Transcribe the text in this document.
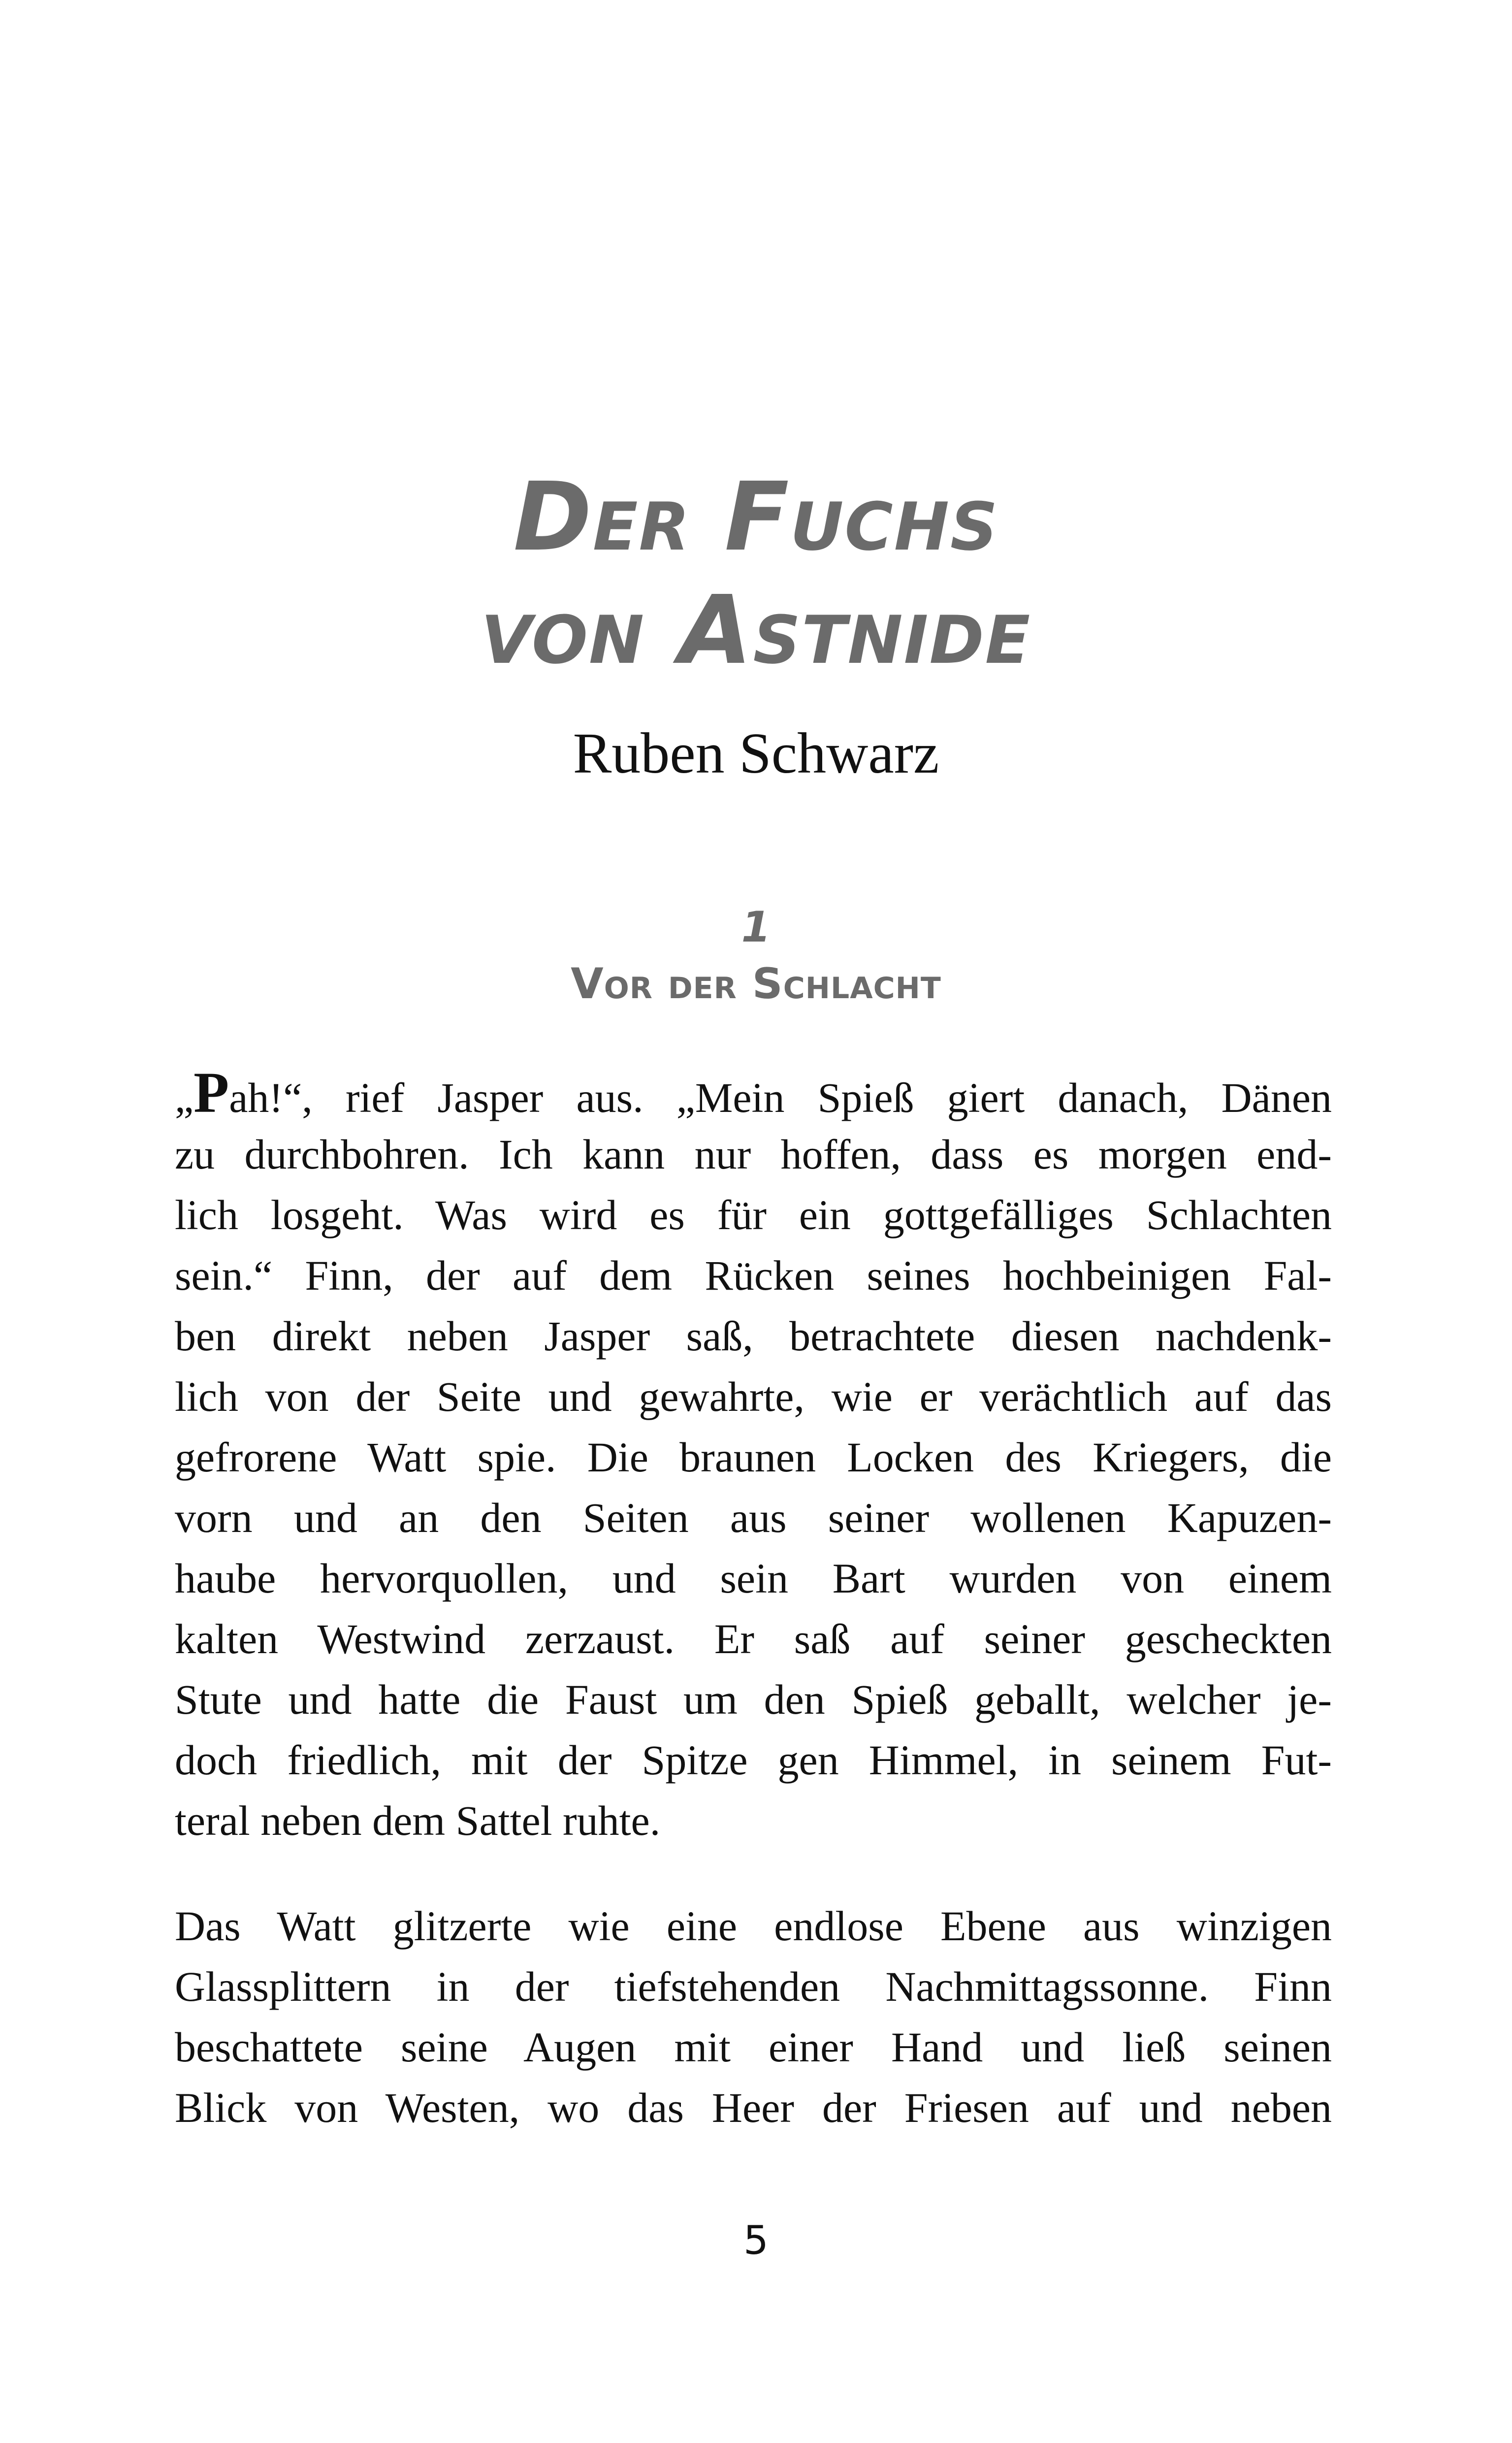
Der Fuchs
von Astnide
Ruben Schwarz
1
Vor der Schlacht
„Pah!“, rief Jasper aus. „Mein Spieß giert danach, Dänen
zu durchbohren. Ich kann nur hoffen, dass es morgen end-
lich losgeht. Was wird es für ein gottgefälliges Schlachten
sein.“ Finn, der auf dem Rücken seines hochbeinigen Fal-
ben direkt neben Jasper saß, betrachtete diesen nachdenk-
lich von der Seite und gewahrte, wie er verächtlich auf das
gefrorene Watt spie. Die braunen Locken des Kriegers, die
vorn und an den Seiten aus seiner wollenen Kapuzen-
haube hervorquollen, und sein Bart wurden von einem
kalten Westwind zerzaust. Er saß auf seiner gescheckten
Stute und hatte die Faust um den Spieß geballt, welcher je-
doch friedlich, mit der Spitze gen Himmel, in seinem Fut-
teral neben dem Sattel ruhte.
Das Watt glitzerte wie eine endlose Ebene aus winzigen
Glassplittern in der tiefstehenden Nachmittagssonne. Finn
beschattete seine Augen mit einer Hand und ließ seinen
Blick von Westen, wo das Heer der Friesen auf und neben
5
